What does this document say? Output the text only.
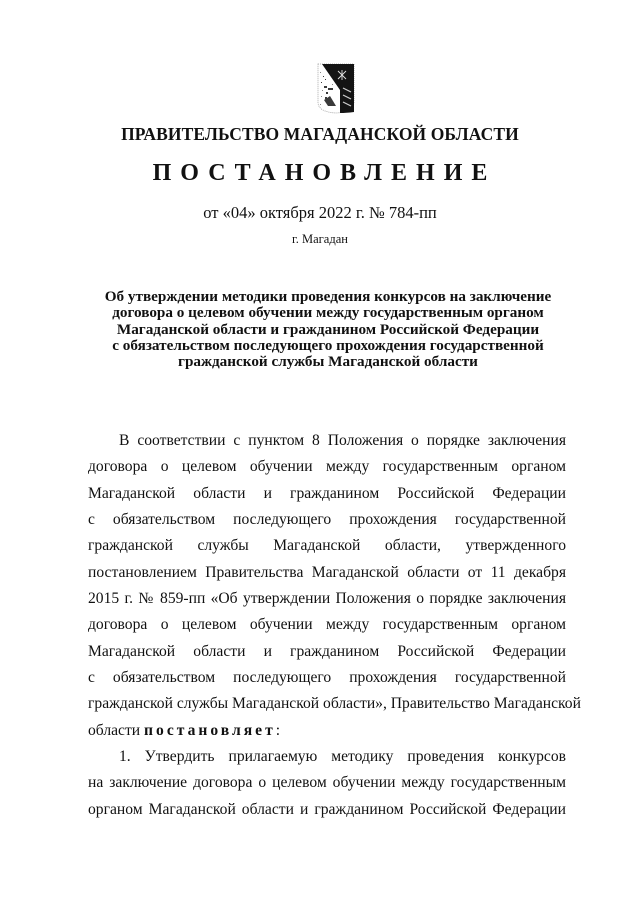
ПРАВИТЕЛЬСТВО МАГАДАНСКОЙ ОБЛАСТИ
ПОСТАНОВЛЕНИЕ
от «04» октября 2022 г. № 784-пп
г. Магадан
Об утверждении методики проведения конкурсов на заключение
договора о целевом обучении между государственным органом
Магаданской области и гражданином Российской Федерации
с обязательством последующего прохождения государственной
гражданской службы Магаданской области
В соответствии с пунктом 8 Положения о порядке заключения
договора о целевом обучении между государственным органом
Магаданской области и гражданином Российской Федерации
с обязательством последующего прохождения государственной
гражданской службы Магаданской области, утвержденного
постановлением Правительства Магаданской области от 11 декабря
2015 г. № 859-пп «Об утверждении Положения о порядке заключения
договора о целевом обучении между государственным органом
Магаданской области и гражданином Российской Федерации
с обязательством последующего прохождения государственной
гражданской службы Магаданской области», Правительство Магаданской
области постановляет:
1. Утвердить прилагаемую методику проведения конкурсов
на заключение договора о целевом обучении между государственным
органом Магаданской области и гражданином Российской Федерации
